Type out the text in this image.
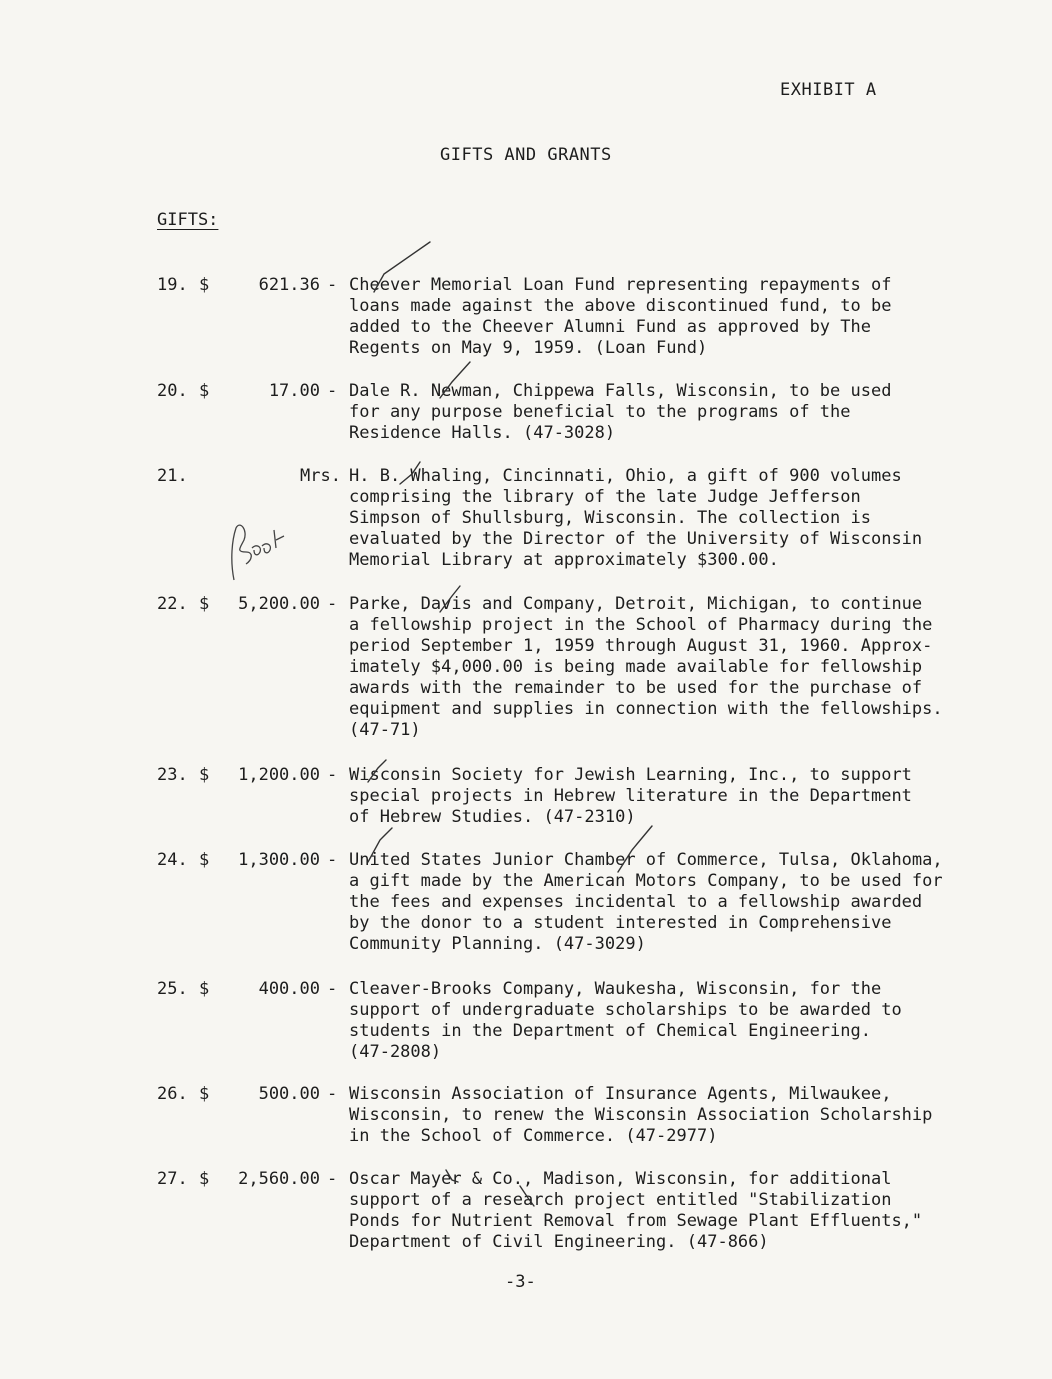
EXHIBIT A
GIFTS AND GRANTS
GIFTS:
19. $	621.36 - Cheever Memorial Loan Fund representing repayments of
loans made against the above discontinued fund, to be
added to the Cheever Alumni Fund as approved by The
Regents on May 9, 1959. (Loan Fund)
20. $	17.00 - Dale R. Newman, Chippewa Falls, Wisconsin, to be used
for any purpose beneficial to the programs of the
Residence Halls. (47-3028)
21.	Mrs. H. B. Whaling, Cincinnati, Ohio, a gift of 900 volumes
comprising the library of the late Judge Jefferson
Simpson of Shullsburg, Wisconsin. The collection is
evaluated by the Director of the University of Wisconsin
Memorial Library at approximately $300.00.
22. $ 5,200.00 - Parke, Davis and Company, Detroit, Michigan, to continue
a fellowship project in the School of Pharmacy during the
period September 1, 1959 through August 31, 1960. Approx-
imately $4,000.00 is being made available for fellowship
awards with the remainder to be used for the purchase of
equipment and supplies in connection with the fellowships.
(47-71)
23. $ 1,200.00 - Wisconsin Society for Jewish Learning, Inc., to support
special projects in Hebrew literature in the Department
of Hebrew Studies. (47-2310)
24. $ 1,300.00 - United States Junior Chamber of Commerce, Tulsa, Oklahoma,
a gift made by the American Motors Company, to be used for
the fees and expenses incidental to a fellowship awarded
by the donor to a student interested in Comprehensive
Community Planning. (47-3029)
25. $	400.00 - Cleaver-Brooks Company, Waukesha, Wisconsin, for the
support of undergraduate scholarships to be awarded to
students in the Department of Chemical Engineering.
(47-2808)
26. $	500.00 - Wisconsin Association of Insurance Agents, Milwaukee,
Wisconsin, to renew the Wisconsin Association Scholarship
in the School of Commerce. (47-2977)
27. $ 2,560.00 - Oscar Mayer & Co., Madison, Wisconsin, for additional
support of a research project entitled "Stabilization
Ponds for Nutrient Removal from Sewage Plant Effluents,"
Department of Civil Engineering. (47-866)
-3-
